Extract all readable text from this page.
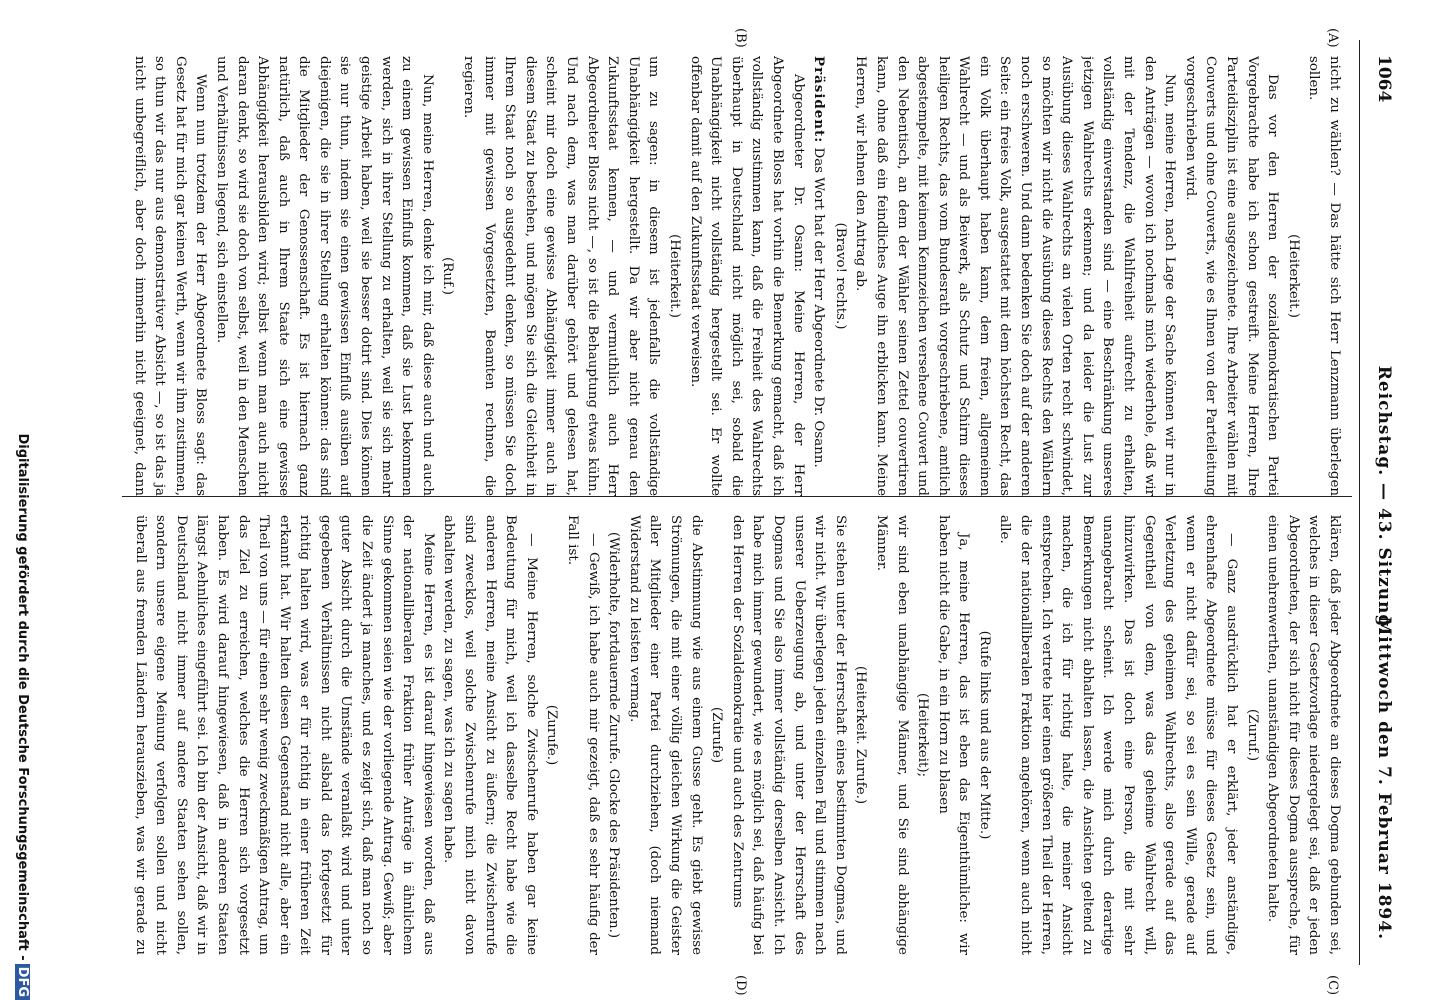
1064
Reichstag. — 43. Sitzung.
Mittwoch den 7. Februar 1894.
(A)
(B)
(C)
(D)

nicht zu wählen? — Das hätte sich Herr Lenzmann überlegen sollen.

(Heiterkeit.)

Das vor den Herren der sozialdemokratischen Partei Vorgebrachte habe ich schon gestreift. Meine Herren, Ihre Parteidisziplin ist eine ausgezeichnete. Ihre Arbeiter wählen mit Couverts und ohne Couverts, wie es Ihnen von der Parteileitung vorgeschrieben wird.

Nun, meine Herren, nach Lage der Sache können wir nur in den Anträgen — wovon ich nochmals mich wiederhole, daß wir mit der Tendenz, die Wahlfreiheit aufrecht zu erhalten, vollständig einverstanden sind — eine Beschränkung unseres jetzigen Wahlrechts erkennen; und da leider die Lust zur Ausübung dieses Wahlrechts an vielen Orten recht schwindet, so möchten wir nicht die Ausübung dieses Rechts den Wählern noch erschweren. Und dann bedenken Sie doch auf der anderen Seite: ein freies Volk, ausgestattet mit dem höchsten Recht, das ein Volk überhaupt haben kann, dem freien, allgemeinen Wahlrecht — und als Beiwerk, als Schutz und Schirm dieses heiligen Rechts, das vom Bundesrath vorgeschriebene, amtlich abgestempelte, mit keinem Kennzeichen versehene Couvert und den Nebentisch, an dem der Wähler seinen Zettel couvertiren kann, ohne daß ein feindliches Auge ihn erblicken kann. Meine Herren, wir lehnen den Antrag ab.

(Bravo! rechts.)

Präsident: Das Wort hat der Herr Abgeordnete Dr. Osann.

Abgeordneter Dr. Osann: Meine Herren, der Herr Abgeordnete Bloss hat vorhin die Bemerkung gemacht, daß ich vollständig zustimmen kann, daß die Freiheit des Wahlrechts überhaupt in Deutschland nicht möglich sei, sobald die Unabhängigkeit nicht vollständig hergestellt sei. Er wollte offenbar damit auf den Zukunftsstaat verweisen.

(Heiterkeit.)

um zu sagen: in diesem ist jedenfalls die vollständige Unabhängigkeit hergestellt. Da wir aber nicht genau den Zukunftsstaat kennen, — und vermuthlich auch Herr Abgeordneter Bloss nicht —, so ist die Behauptung etwas kühn. Und nach dem, was man darüber gehört und gelesen hat, scheint mir doch eine gewisse Abhängigkeit immer auch in diesem Staat zu bestehen, und mögen Sie sich die Gleichheit in Ihrem Staat noch so ausgedehnt denken, so müssen Sie doch immer mit gewissen Vorgesetzten, Beamten rechnen, die regieren.

(Ruf.)

Nun, meine Herren, denke ich mir, daß diese auch und auch zu einem gewissen Einfluß kommen, daß sie Lust bekommen werden, sich in ihrer Stellung zu erhalten, weil sie sich mehr geistige Arbeit haben, weil sie besser dotirt sind. Dies können sie nur thun, indem sie einen gewissen Einfluß ausüben auf diejenigen, die sie in ihrer Stellung erhalten können: das sind die Mitglieder der Genossenschaft. Es ist hiernach ganz natürlich, daß auch in Ihrem Staate sich eine gewisse Abhängigkeit herausbilden wird; selbst wenn man auch nicht daran denkt, so wird sie doch von selbst, weil in den Menschen und Verhältnissen liegend, sich einstellen.

Wenn nun trotzdem der Herr Abgeordnete Bloss sagt: das Gesetz hat für mich gar keinen Werth, wenn wir ihm zustimmen, so thun wir das nur aus demonstrativer Absicht —, so ist das ja nicht unbegreiflich, aber doch immerhin nicht geeignet, dann

klären, daß jeder Abgeordnete an dieses Dogma gebunden sei, welches in dieser Gesetzvorlage niedergelegt sei, daß er jeden Abgeordneten, der sich nicht für dieses Dogma ausspreche, für einen unehrenwerthen, unanständigen Abgeordneten halte.

(Zuruf.)

— Ganz ausdrücklich hat er erklärt, jeder anständige, ehrenhafte Abgeordnete müsse für dieses Gesetz sein, und wenn er nicht dafür sei, so sei es sein Wille, gerade auf Verletzung des geheimen Wahlrechts, also gerade auf das Gegentheil von dem, was das geheime Wahlrecht will, hinzuwirken. Das ist doch eine Person, die mit sehr unangebracht scheint. Ich werde mich durch derartige Bemerkungen nicht abhalten lassen, die Ansichten geltend zu machen, die ich für richtig halte, die meiner Ansicht entsprechen. Ich vertrete hier einen größeren Theil der Herren, die der nationalliberalen Fraktion angehören, wenn auch nicht alle.

(Rufe links und aus der Mitte.)

Ja, meine Herren, das ist eben das Eigenthümliche: wir haben nicht die Gabe, in ein Horn zu blasen

(Heiterkeit);

wir sind eben unabhängige Männer, und Sie sind abhängige Männer.

(Heiterkeit. Zurufe.)

Sie stehen unter der Herrschaft eines bestimmten Dogmas, und wir nicht. Wir überlegen jeden einzelnen Fall und stimmen nach unserer Ueberzeugung ab, und unter der Herrschaft des Dogmas und Sie also immer vollständig derselben Ansicht. Ich habe mich immer gewundert, wie es möglich sei, daß häufig bei den Herren der Sozialdemokratie und auch des Zentrums

(Zurufe)

die Abstimmung wie aus einem Gusse geht. Es giebt gewisse Strömungen, die mit einer völlig gleichen Wirkung die Geister aller Mitglieder einer Partei durchziehen, (doch niemand Widerstand zu leisten vermag.

(Widerholte, fortdauernde Zurufe. Glocke des Präsidenten.)

— Gewiß, ich habe auch mir gezeigt, daß es sehr häufig der Fall ist.

(Zurufe.)

— Meine Herren, solche Zwischenrufe haben gar keine Bedeutung für mich, weil ich dasselbe Recht habe wie die anderen Herren, meine Ansicht zu äußern; die Zwischenrufe sind zwecklos, weil solche Zwischenrufe mich nicht davon abhalten werden, zu sagen, was ich zu sagen habe.

Meine Herren, es ist darauf hingewiesen worden, daß aus der nationalliberalen Fraktion früher Anträge in ähnlichem Sinne gekommen seien wie der vorliegende Antrag. Gewiß; aber die Zeit ändert ja manches, und es zeigt sich, daß man noch so guter Absicht durch die Umstände veranlaßt wird und unter gegebenen Verhältnissen nicht alsbald das fortgesetzt für richtig halten wird, was er für richtig in einer früheren Zeit erkannt hat. Wir halten diesen Gegenstand nicht alle, aber ein Theil von uns — für einen sehr wenig zweckmäßigen Antrag, um das Ziel zu erreichen, welches die Herren sich vorgesetzt haben. Es wird darauf hingewiesen, daß in anderen Staaten längst Aehnliches eingeführt sei. Ich bin der Ansicht, daß wir in Deutschland nicht immer auf andere Staaten sehen sollen, sondern unsere eigene Meinung verfolgen sollen und nicht überall aus fremden Ländern herauszieben, was wir gerade zu

Digitalisierung gefördert durch die Deutsche Forschungsgemeinschaft -DFG
